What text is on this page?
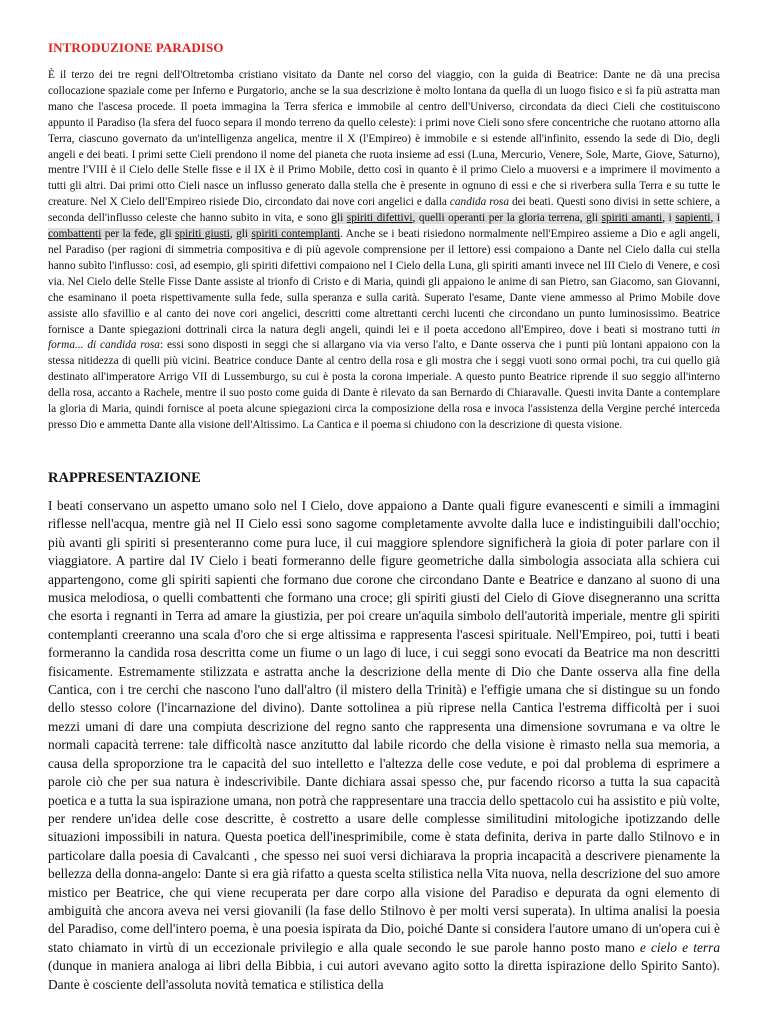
INTRODUZIONE PARADISO
È il terzo dei tre regni dell'Oltretomba cristiano visitato da Dante nel corso del viaggio, con la guida di Beatrice: Dante ne dà una precisa collocazione spaziale come per Inferno e Purgatorio, anche se la sua descrizione è molto lontana da quella di un luogo fisico e si fa più astratta man mano che l'ascesa procede. Il poeta immagina la Terra sferica e immobile al centro dell'Universo, circondata da dieci Cieli che costituiscono appunto il Paradiso (la sfera del fuoco separa il mondo terreno da quello celeste): i primi nove Cieli sono sfere concentriche che ruotano attorno alla Terra, ciascuno governato da un'intelligenza angelica, mentre il X (l'Empireo) è immobile e si estende all'infinito, essendo la sede di Dio, degli angeli e dei beati. I primi sette Cieli prendono il nome del pianeta che ruota insieme ad essi (Luna, Mercurio, Venere, Sole, Marte, Giove, Saturno), mentre l'VIII è il Cielo delle Stelle fisse e il IX è il Primo Mobile, detto così in quanto è il primo Cielo a muoversi e a imprimere il movimento a tutti gli altri. Dai primi otto Cieli nasce un influsso generato dalla stella che è presente in ognuno di essi e che si riverbera sulla Terra e su tutte le creature. Nel X Cielo dell'Empireo risiede Dio, circondato dai nove cori angelici e dalla candida rosa dei beati. Questi sono divisi in sette schiere, a seconda dell'influsso celeste che hanno subito in vita, e sono gli spiriti difettivi, quelli operanti per la gloria terrena, gli spiriti amanti, i sapienti, i combattenti per la fede, gli spiriti giusti, gli spiriti contemplanti. Anche se i beati risiedono normalmente nell'Empireo assieme a Dio e agli angeli, nel Paradiso (per ragioni di simmetria compositiva e di più agevole comprensione per il lettore) essi compaiono a Dante nel Cielo dalla cui stella hanno subìto l'influsso: così, ad esempio, gli spiriti difettivi compaiono nel I Cielo della Luna, gli spiriti amanti invece nel III Cielo di Venere, e così via. Nel Cielo delle Stelle Fisse Dante assiste al trionfo di Cristo e di Maria, quindi gli appaiono le anime di san Pietro, san Giacomo, san Giovanni, che esaminano il poeta rispettivamente sulla fede, sulla speranza e sulla carità. Superato l'esame, Dante viene ammesso al Primo Mobile dove assiste allo sfavillio e al canto dei nove cori angelici, descritti come altrettanti cerchi lucenti che circondano un punto luminosissimo. Beatrice fornisce a Dante spiegazioni dottrinali circa la natura degli angeli, quindi lei e il poeta accedono all'Empireo, dove i beati si mostrano tutti in forma... di candida rosa: essi sono disposti in seggi che si allargano via via verso l'alto, e Dante osserva che i punti più lontani appaiono con la stessa nitidezza di quelli più vicini. Beatrice conduce Dante al centro della rosa e gli mostra che i seggi vuoti sono ormai pochi, tra cui quello già destinato all'imperatore Arrigo VII di Lussemburgo, su cui è posta la corona imperiale. A questo punto Beatrice riprende il suo seggio all'interno della rosa, accanto a Rachele, mentre il suo posto come guida di Dante è rilevato da san Bernardo di Chiaravalle. Questi invita Dante a contemplare la gloria di Maria, quindi fornisce al poeta alcune spiegazioni circa la composizione della rosa e invoca l'assistenza della Vergine perché interceda presso Dio e ammetta Dante alla visione dell'Altissimo. La Cantica e il poema si chiudono con la descrizione di questa visione.
RAPPRESENTAZIONE
I beati conservano un aspetto umano solo nel I Cielo, dove appaiono a Dante quali figure evanescenti e simili a immagini riflesse nell'acqua, mentre già nel II Cielo essi sono sagome completamente avvolte dalla luce e indistinguibili dall'occhio; più avanti gli spiriti si presenteranno come pura luce, il cui maggiore splendore significherà la gioia di poter parlare con il viaggiatore. A partire dal IV Cielo i beati formeranno delle figure geometriche dalla simbologia associata alla schiera cui appartengono, come gli spiriti sapienti che formano due corone che circondano Dante e Beatrice e danzano al suono di una musica melodiosa, o quelli combattenti che formano una croce; gli spiriti giusti del Cielo di Giove disegneranno una scritta che esorta i regnanti in Terra ad amare la giustizia, per poi creare un'aquila simbolo dell'autorità imperiale, mentre gli spiriti contemplanti creeranno una scala d'oro che si erge altissima e rappresenta l'ascesi spirituale. Nell'Empireo, poi, tutti i beati formeranno la candida rosa descritta come un fiume o un lago di luce, i cui seggi sono evocati da Beatrice ma non descritti fisicamente. Estremamente stilizzata e astratta anche la descrizione della mente di Dio che Dante osserva alla fine della Cantica, con i tre cerchi che nascono l'uno dall'altro (il mistero della Trinità) e l'effigie umana che si distingue su un fondo dello stesso colore (l'incarnazione del divino). Dante sottolinea a più riprese nella Cantica l'estrema difficoltà per i suoi mezzi umani di dare una compiuta descrizione del regno santo che rappresenta una dimensione sovrumana e va oltre le normali capacità terrene: tale difficoltà nasce anzitutto dal labile ricordo che della visione è rimasto nella sua memoria, a causa della sproporzione tra le capacità del suo intelletto e l'altezza delle cose vedute, e poi dal problema di esprimere a parole ciò che per sua natura è indescrivibile. Dante dichiara assai spesso che, pur facendo ricorso a tutta la sua capacità poetica e a tutta la sua ispirazione umana, non potrà che rappresentare una traccia dello spettacolo cui ha assistito e più volte, per rendere un'idea delle cose descritte, è costretto a usare delle complesse similitudini mitologiche ipotizzando delle situazioni impossibili in natura. Questa poetica dell'inesprimibile, come è stata definita, deriva in parte dallo Stilnovo e in particolare dalla poesia di Cavalcanti , che spesso nei suoi versi dichiarava la propria incapacità a descrivere pienamente la bellezza della donna-angelo: Dante si era già rifatto a questa scelta stilistica nella Vita nuova, nella descrizione del suo amore mistico per Beatrice, che qui viene recuperata per dare corpo alla visione del Paradiso e depurata da ogni elemento di ambiguità che ancora aveva nei versi giovanili (la fase dello Stilnovo è per molti versi superata). In ultima analisi la poesia del Paradiso, come dell'intero poema, è una poesia ispirata da Dio, poiché Dante si considera l'autore umano di un'opera cui è stato chiamato in virtù di un eccezionale privilegio e alla quale secondo le sue parole hanno posto mano e cielo e terra (dunque in maniera analoga ai libri della Bibbia, i cui autori avevano agito sotto la diretta ispirazione dello Spirito Santo). Dante è cosciente dell'assoluta novità tematica e stilistica della
